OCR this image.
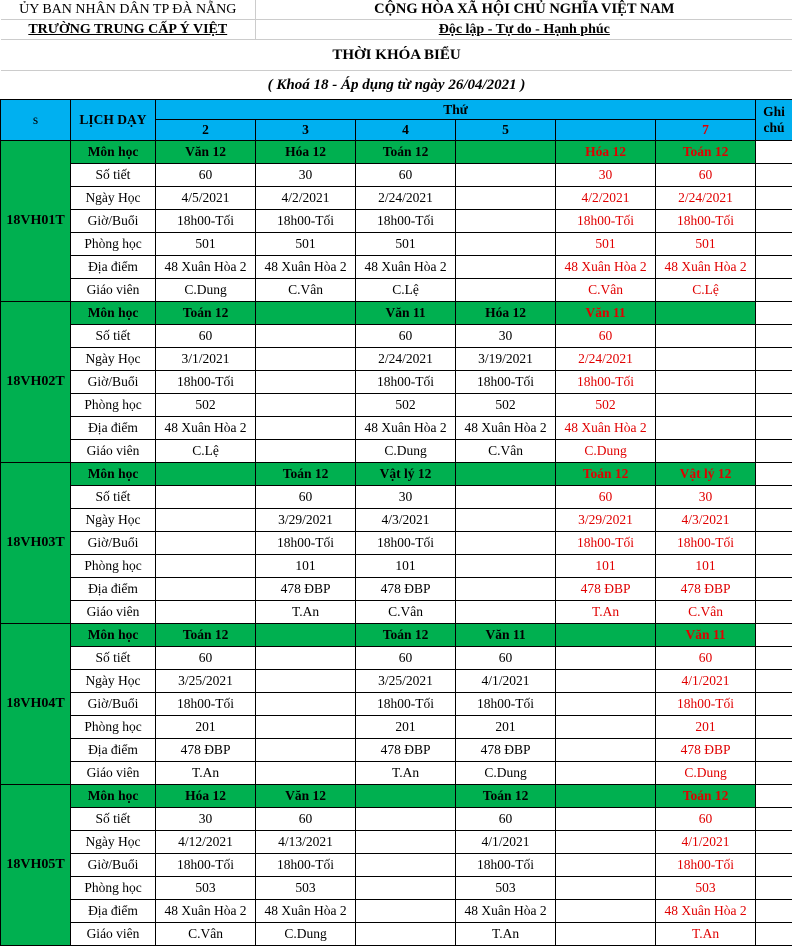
ỦY BAN NHÂN DÂN TP ĐÀ NẴNG			CỘNG HÒA XÃ HỘI CHỦ NGHĨA VIỆT NAM					
TRƯỜNG TRUNG CẤP Ý VIỆT			Độc lập - Tự do - Hạnh phúc					
THỜI KHÓA BIỂU								
( Khoá 18 - Áp dụng từ ngày 26/04/2021 )								
s	LỊCH DẠY	Thứ						Ghi chú
		2	3	4	5		7	
18VH01T	Môn học	Văn 12	Hóa 12	Toán 12		Hóa 12	Toán 12	
	Số tiết	60	30	60		30	60	
	Ngày Học	4/5/2021	4/2/2021	2/24/2021		4/2/2021	2/24/2021	
	Giờ/Buổi	18h00-Tối	18h00-Tối	18h00-Tối		18h00-Tối	18h00-Tối	
	Phòng học	501	501	501		501	501	
	Địa điểm	48 Xuân Hòa 2	48 Xuân Hòa 2	48 Xuân Hòa 2		48 Xuân Hòa 2	48 Xuân Hòa 2	
	Giáo viên	C.Dung	C.Vân	C.Lệ		C.Vân	C.Lệ	
18VH02T	Môn học	Toán 12		Văn 11	Hóa 12	Văn 11		
	Số tiết	60		60	30	60		
	Ngày Học	3/1/2021		2/24/2021	3/19/2021	2/24/2021		
	Giờ/Buổi	18h00-Tối		18h00-Tối	18h00-Tối	18h00-Tối		
	Phòng học	502		502	502	502		
	Địa điểm	48 Xuân Hòa 2		48 Xuân Hòa 2	48 Xuân Hòa 2	48 Xuân Hòa 2		
	Giáo viên	C.Lệ		C.Dung	C.Vân	C.Dung		
18VH03T	Môn học		Toán 12	Vật lý 12		Toán 12	Vật lý 12	
	Số tiết		60	30		60	30	
	Ngày Học		3/29/2021	4/3/2021		3/29/2021	4/3/2021	
	Giờ/Buổi		18h00-Tối	18h00-Tối		18h00-Tối	18h00-Tối	
	Phòng học		101	101		101	101	
	Địa điểm		478 ĐBP	478 ĐBP		478 ĐBP	478 ĐBP	
	Giáo viên		T.An	C.Vân		T.An	C.Vân	
18VH04T	Môn học	Toán 12		Toán 12	Văn 11		Văn 11	
	Số tiết	60		60	60		60	
	Ngày Học	3/25/2021		3/25/2021	4/1/2021		4/1/2021	
	Giờ/Buổi	18h00-Tối		18h00-Tối	18h00-Tối		18h00-Tối	
	Phòng học	201		201	201		201	
	Địa điểm	478 ĐBP		478 ĐBP	478 ĐBP		478 ĐBP	
	Giáo viên	T.An		T.An	C.Dung		C.Dung	
18VH05T	Môn học	Hóa 12	Văn 12		Toán 12		Toán 12	
	Số tiết	30	60		60		60	
	Ngày Học	4/12/2021	4/13/2021		4/1/2021		4/1/2021	
	Giờ/Buổi	18h00-Tối	18h00-Tối		18h00-Tối		18h00-Tối	
	Phòng học	503	503		503		503	
	Địa điểm	48 Xuân Hòa 2	48 Xuân Hòa 2		48 Xuân Hòa 2		48 Xuân Hòa 2	
	Giáo viên	C.Vân	C.Dung		T.An		T.An	
